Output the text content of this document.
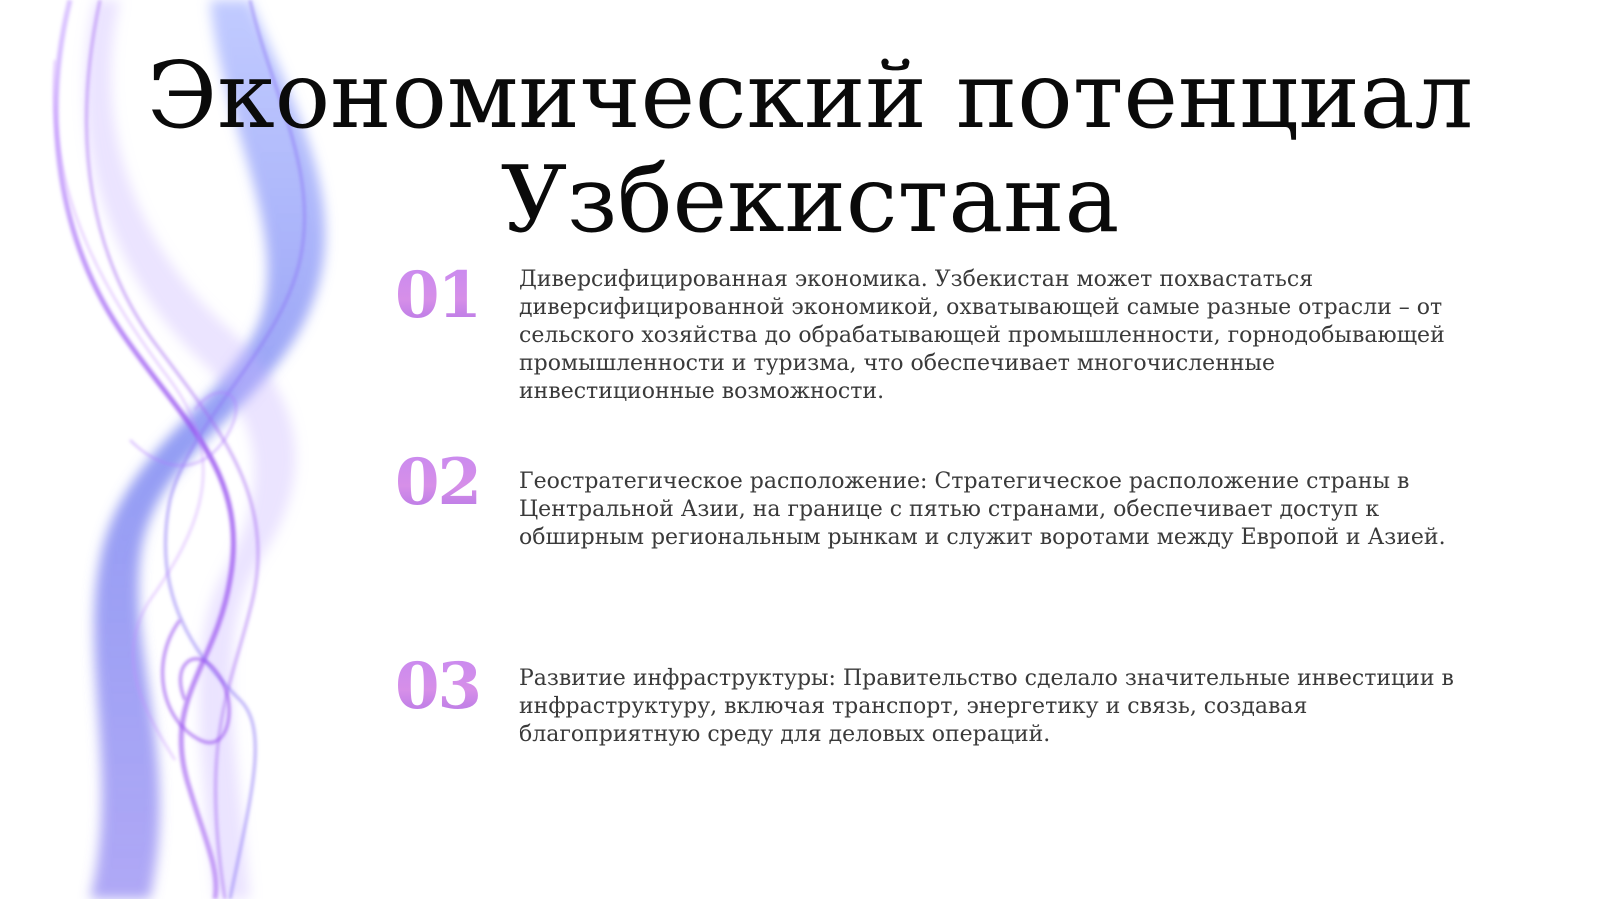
Экономический потенциал Узбекистана
01 Диверсифицированная экономика. Узбекистан может похвастаться диверсифицированной экономикой, охватывающей самые разные отрасли – от сельского хозяйства до обрабатывающей промышленности, горнодобывающей промышленности и туризма, что обеспечивает многочисленные инвестиционные возможности.
02 Геостратегическое расположение: Стратегическое расположение страны в Центральной Азии, на границе с пятью странами, обеспечивает доступ к обширным региональным рынкам и служит воротами между Европой и Азией.
03 Развитие инфраструктуры: Правительство сделало значительные инвестиции в инфраструктуру, включая транспорт, энергетику и связь, создавая благоприятную среду для деловых операций.
